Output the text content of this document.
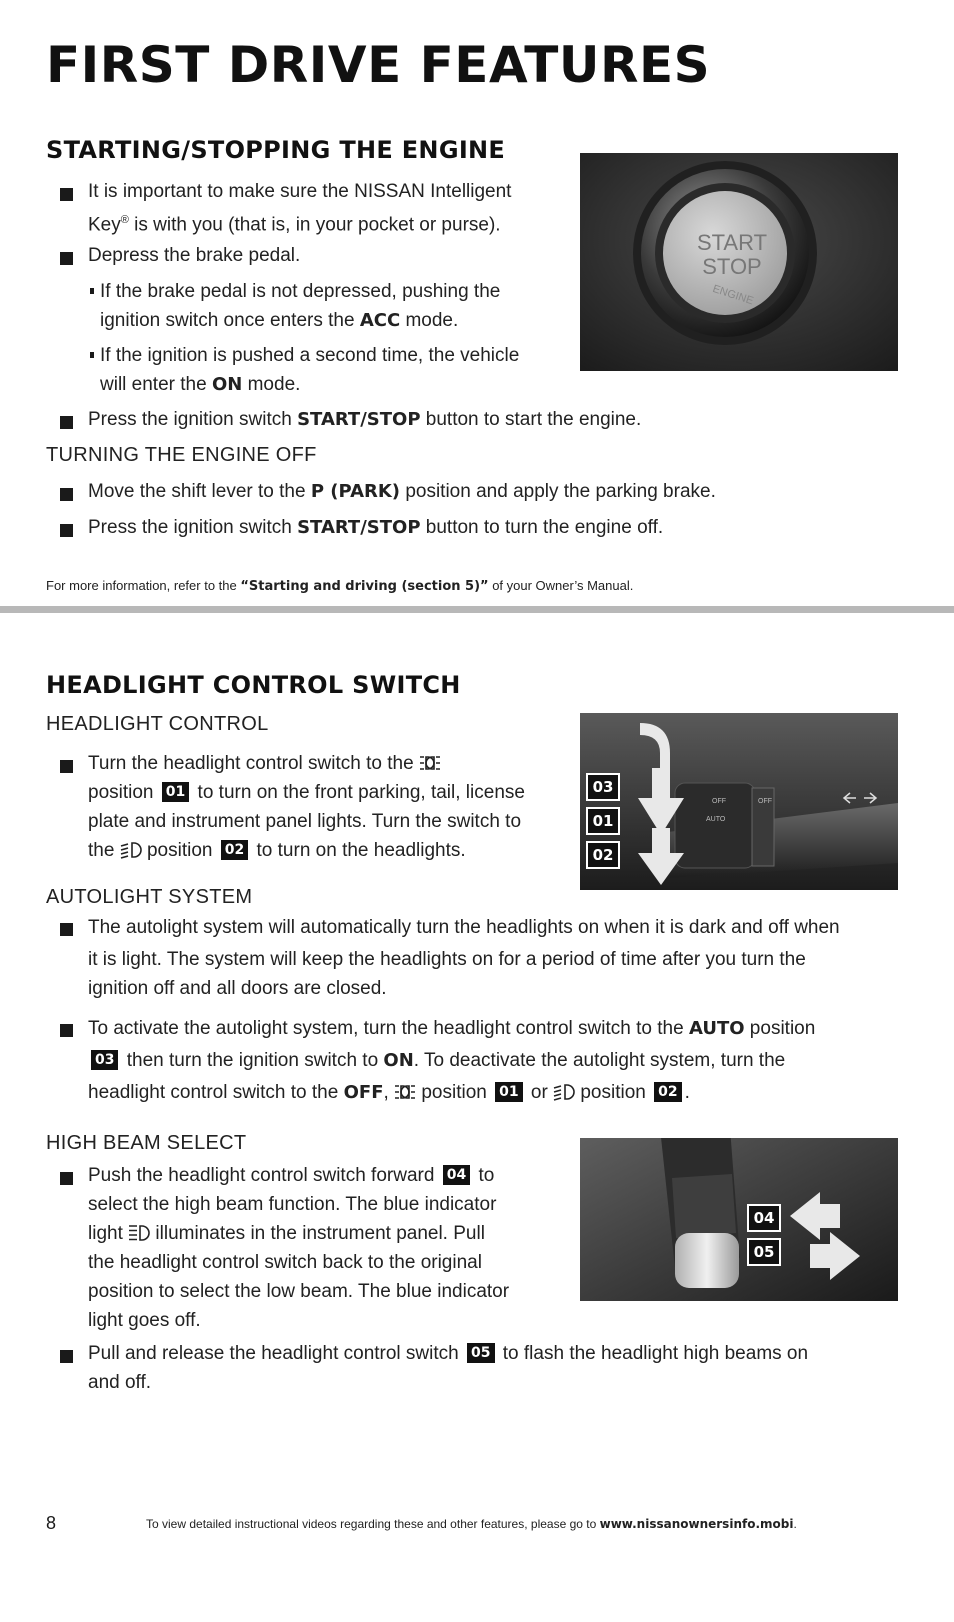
FIRST DRIVE FEATURES
STARTING/STOPPING THE ENGINE
It is important to make sure the NISSAN Intelligent
Key® is with you (that is, in your pocket or purse).
Depress the brake pedal.
If the brake pedal is not depressed, pushing the
ignition switch once enters the ACC mode.
If the ignition is pushed a second time, the vehicle
will enter the ON mode.
Press the ignition switch START/STOP button to start the engine.
TURNING THE ENGINE OFF
Move the shift lever to the P (PARK) position and apply the parking brake.
Press the ignition switch START/STOP button to turn the engine off.
START
STOP
ENGINE
For more information, refer to the “Starting and driving (section 5)” of your Owner’s Manual.
HEADLIGHT CONTROL SWITCH
HEADLIGHT CONTROL
Turn the headlight control switch to the
position 01 to turn on the front parking, tail, license
plate and instrument panel lights. Turn the switch to
the position 02 to turn on the headlights.
AUTOLIGHT SYSTEM
The autolight system will automatically turn the headlights on when it is dark and off when
it is light. The system will keep the headlights on for a period of time after you turn the
ignition off and all doors are closed.
To activate the autolight system, turn the headlight control switch to the AUTO position
03 then turn the ignition switch to ON. To deactivate the autolight system, turn the
headlight control switch to the OFF, position 01 or position 02 .
HIGH BEAM SELECT
Push the headlight control switch forward 04 to
select the high beam function. The blue indicator
light illuminates in the instrument panel. Pull
the headlight control switch back to the original
position to select the low beam. The blue indicator
light goes off.
Pull and release the headlight control switch 05 to flash the headlight high beams on
and off.
OFF	OFF
AUTO
03
01
02
04
05
8	To view detailed instructional videos regarding these and other features, please go to www.nissanownersinfo.mobi.
